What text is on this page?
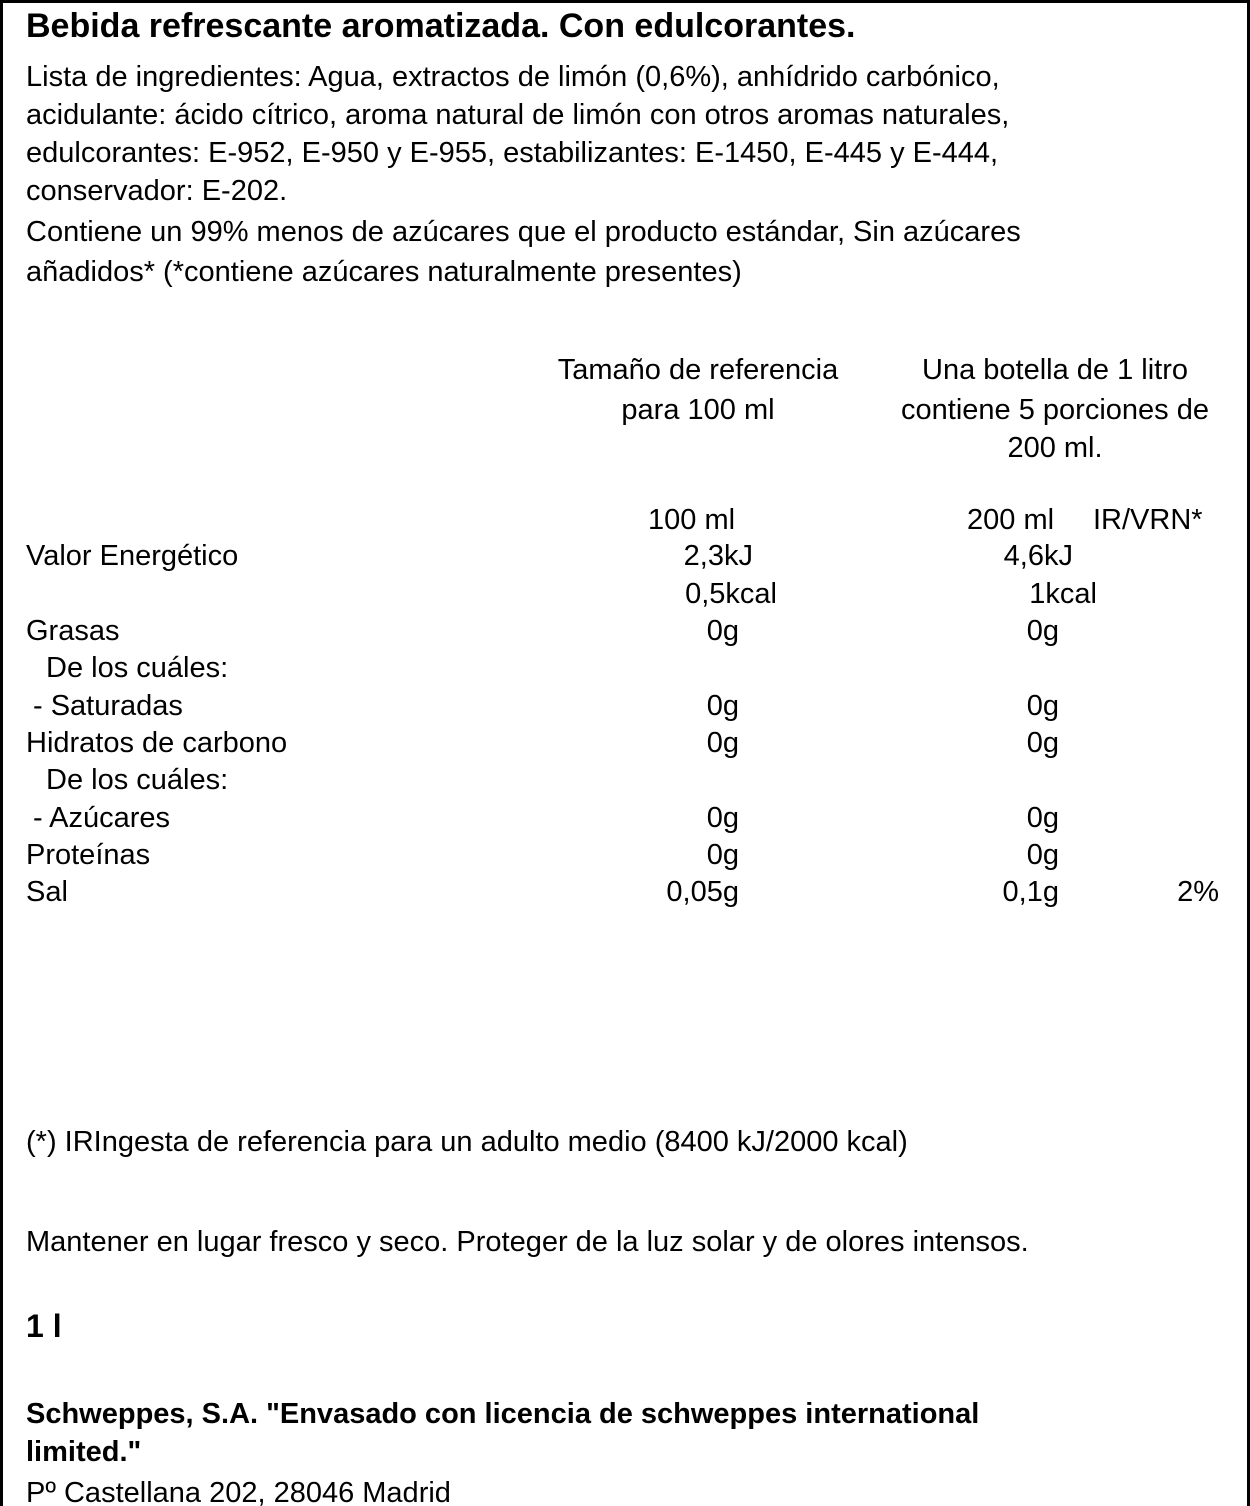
Bebida refrescante aromatizada. Con edulcorantes.
Lista de ingredientes: Agua, extractos de limón (0,6%), anhídrido carbónico,
acidulante: ácido cítrico, aroma natural de limón con otros aromas naturales,
edulcorantes: E-952, E-950 y E-955, estabilizantes: E-1450, E-445 y E-444,
conservador: E-202.
Contiene un 99% menos de azúcares que el producto estándar, Sin azúcares
añadidos* (*contiene azúcares naturalmente presentes)
Tamaño de referencia
para 100 ml
Una botella de 1 litro
contiene 5 porciones de
200 ml.
100 ml	200 ml IR/VRN*
Valor Energético	2,3kJ	4,6kJ
0,5kcal	1kcal
Grasas	0g	0g
De los cuáles:
- Saturadas	0g	0g
Hidratos de carbono	0g	0g
De los cuáles:
- Azúcares	0g	0g
Proteínas	0g	0g
Sal	0,05g	0,1g	2%
(*) IRIngesta de referencia para un adulto medio (8400 kJ/2000 kcal)
Mantener en lugar fresco y seco. Proteger de la luz solar y de olores intensos.
1 l
Schweppes, S.A. "Envasado con licencia de schweppes international
limited."
Pº Castellana 202, 28046 Madrid
